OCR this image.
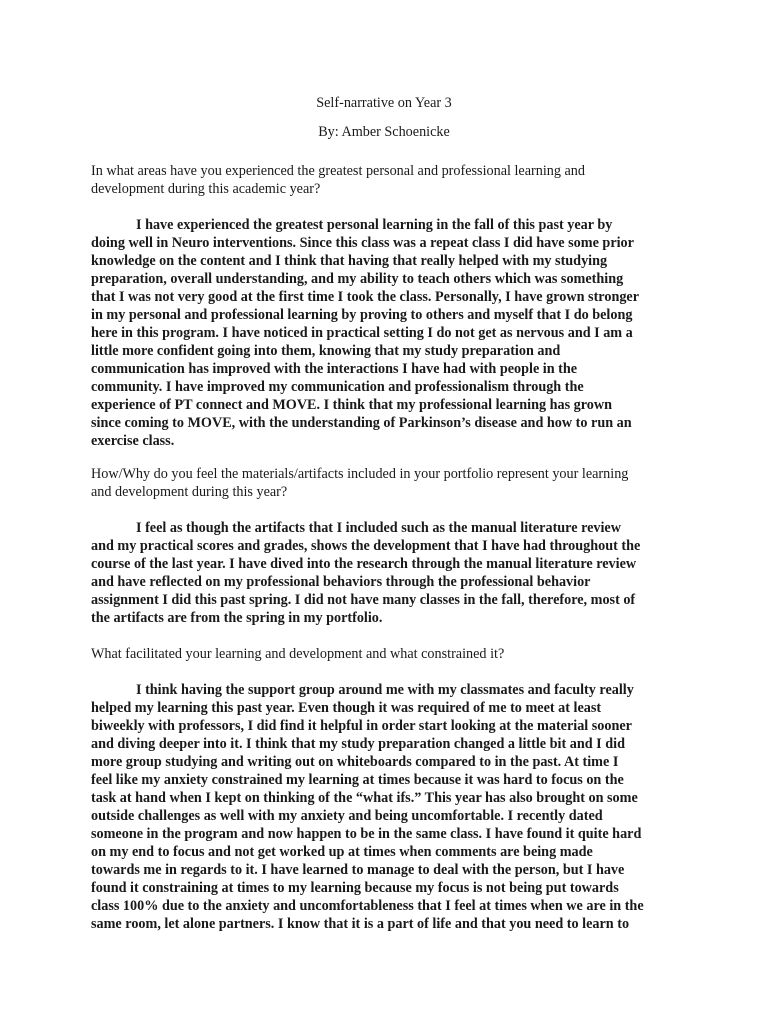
Self-narrative on Year 3

By: Amber Schoenicke

In what areas have you experienced the greatest personal and professional learning and
development during this academic year?
I have experienced the greatest personal learning in the fall of this past year by
doing well in Neuro interventions. Since this class was a repeat class I did have some prior
knowledge on the content and I think that having that really helped with my studying
preparation, overall understanding, and my ability to teach others which was something
that I was not very good at the first time I took the class. Personally, I have grown stronger
in my personal and professional learning by proving to others and myself that I do belong
here in this program. I have noticed in practical setting I do not get as nervous and I am a
little more confident going into them, knowing that my study preparation and
communication has improved with the interactions I have had with people in the
community. I have improved my communication and professionalism through the
experience of PT connect and MOVE. I think that my professional learning has grown
since coming to MOVE, with the understanding of Parkinson’s disease and how to run an
exercise class.
How/Why do you feel the materials/artifacts included in your portfolio represent your learning
and development during this year?
I feel as though the artifacts that I included such as the manual literature review
and my practical scores and grades, shows the development that I have had throughout the
course of the last year. I have dived into the research through the manual literature review
and have reflected on my professional behaviors through the professional behavior
assignment I did this past spring. I did not have many classes in the fall, therefore, most of
the artifacts are from the spring in my portfolio.
What facilitated your learning and development and what constrained it?
I think having the support group around me with my classmates and faculty really
helped my learning this past year. Even though it was required of me to meet at least
biweekly with professors, I did find it helpful in order start looking at the material sooner
and diving deeper into it. I think that my study preparation changed a little bit and I did
more group studying and writing out on whiteboards compared to in the past. At time I
feel like my anxiety constrained my learning at times because it was hard to focus on the
task at hand when I kept on thinking of the “what ifs.” This year has also brought on some
outside challenges as well with my anxiety and being uncomfortable. I recently dated
someone in the program and now happen to be in the same class. I have found it quite hard
on my end to focus and not get worked up at times when comments are being made
towards me in regards to it. I have learned to manage to deal with the person, but I have
found it constraining at times to my learning because my focus is not being put towards
class 100% due to the anxiety and uncomfortableness that I feel at times when we are in the
same room, let alone partners. I know that it is a part of life and that you need to learn to
